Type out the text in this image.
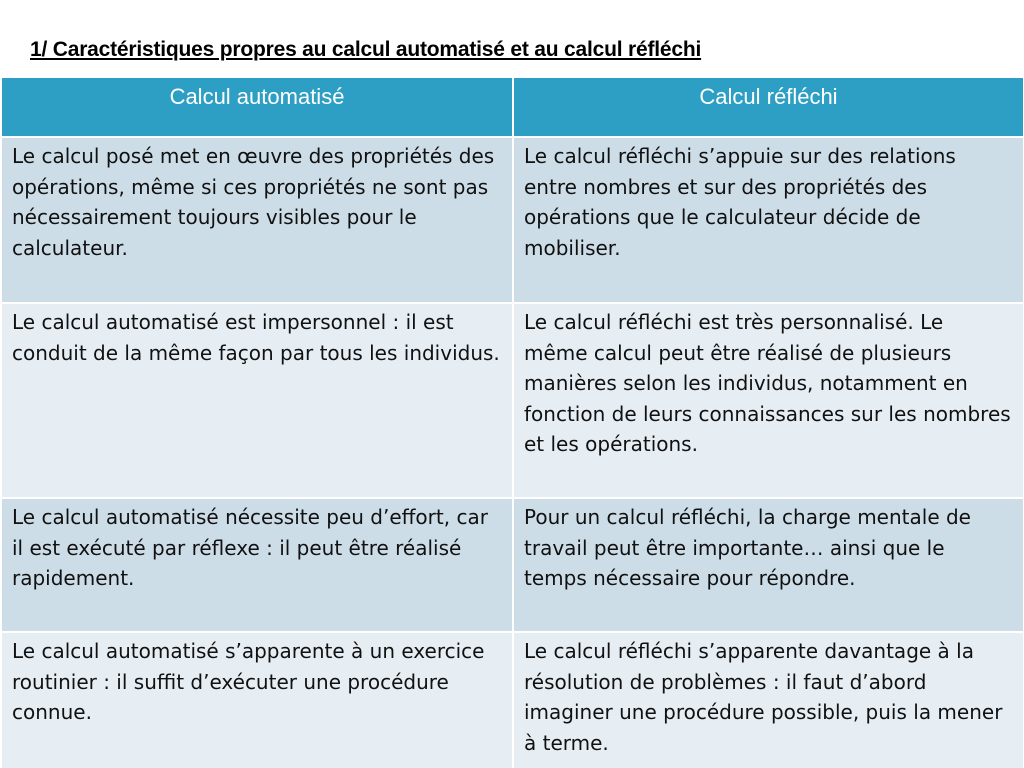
1/ Caractéristiques propres au calcul automatisé et au calcul réfléchi
Calcul automatisé	Calcul réfléchi
Le calcul posé met en œuvre des propriétés des opérations, même si ces propriétés ne sont pas nécessairement toujours visibles pour le calculateur.	Le calcul réfléchi s’appuie sur des relations entre nombres et sur des propriétés des opérations que le calculateur décide de mobiliser.
Le calcul automatisé est impersonnel : il est conduit de la même façon par tous les individus.	Le calcul réfléchi est très personnalisé. Le même calcul peut être réalisé de plusieurs manières selon les individus, notamment en fonction de leurs connaissances sur les nombres et les opérations.
Le calcul automatisé nécessite peu d’effort, car il est exécuté par réflexe : il peut être réalisé rapidement.	Pour un calcul réfléchi, la charge mentale de travail peut être importante… ainsi que le temps nécessaire pour répondre.
Le calcul automatisé s’apparente à un exercice routinier : il suffit d’exécuter une procédure connue.	Le calcul réfléchi s’apparente davantage à la résolution de problèmes : il faut d’abord imaginer une procédure possible, puis la mener à terme.
